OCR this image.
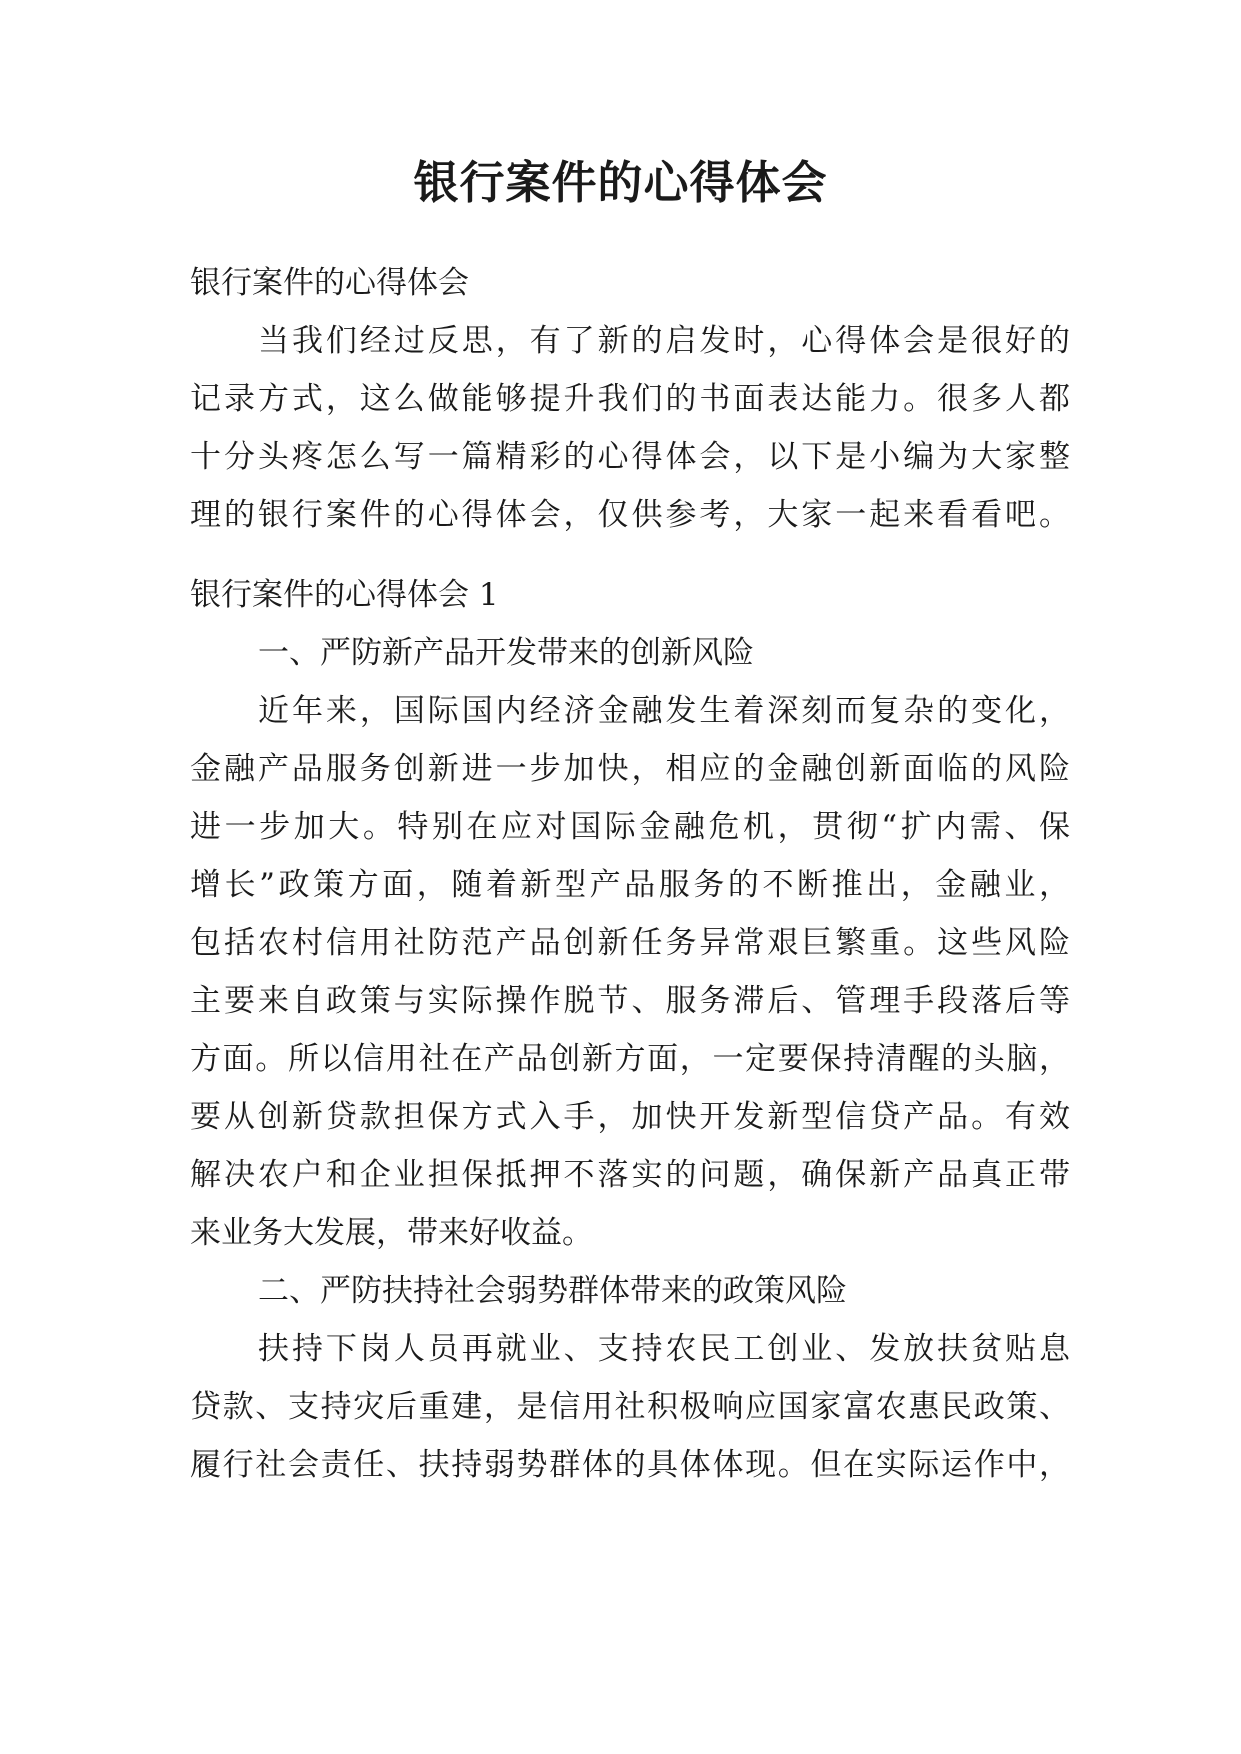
银行案件的心得体会
银行案件的心得体会
当我们经过反思，有了新的启发时，心得体会是很好的
记录方式，这么做能够提升我们的书面表达能力。很多人都
十分头疼怎么写一篇精彩的心得体会，以下是小编为大家整
理的银行案件的心得体会，仅供参考，大家一起来看看吧。
银行案件的心得体会 1
一、严防新产品开发带来的创新风险
近年来，国际国内经济金融发生着深刻而复杂的变化，
金融产品服务创新进一步加快，相应的金融创新面临的风险
进一步加大。特别在应对国际金融危机，贯彻“扩内需、保
增长”政策方面，随着新型产品服务的不断推出，金融业，
包括农村信用社防范产品创新任务异常艰巨繁重。这些风险
主要来自政策与实际操作脱节、服务滞后、管理手段落后等
方面。所以信用社在产品创新方面，一定要保持清醒的头脑，
要从创新贷款担保方式入手，加快开发新型信贷产品。有效
解决农户和企业担保抵押不落实的问题，确保新产品真正带
来业务大发展，带来好收益。
二、严防扶持社会弱势群体带来的政策风险
扶持下岗人员再就业、支持农民工创业、发放扶贫贴息
贷款、支持灾后重建，是信用社积极响应国家富农惠民政策、
履行社会责任、扶持弱势群体的具体体现。但在实际运作中，
